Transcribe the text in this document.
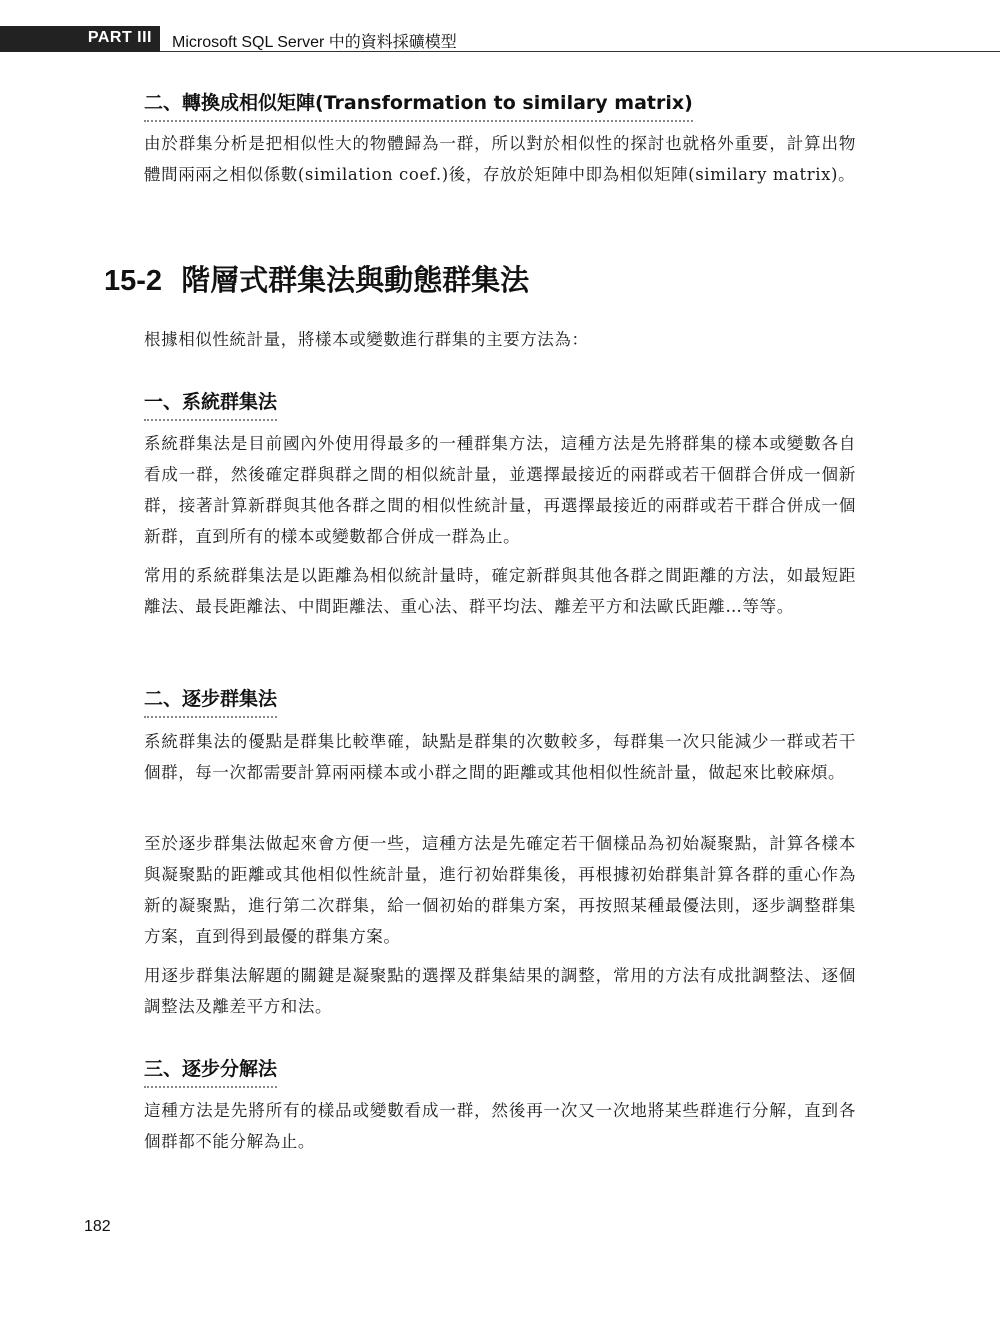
PART III Microsoft SQL Server 中的資料採礦模型
二、轉換成相似矩陣(Transformation to similary matrix)

由於群集分析是把相似性大的物體歸為一群，所以對於相似性的探討也就格外重要，計算出物體間兩兩之相似係數(similation coef.)後，存放於矩陣中即為相似矩陣(similary matrix)。

15-2 階層式群集法與動態群集法

根據相似性統計量，將樣本或變數進行群集的主要方法為：

一、系統群集法

系統群集法是目前國內外使用得最多的一種群集方法，這種方法是先將群集的樣本或變數各自看成一群，然後確定群與群之間的相似統計量，並選擇最接近的兩群或若干個群合併成一個新群，接著計算新群與其他各群之間的相似性統計量，再選擇最接近的兩群或若干群合併成一個新群，直到所有的樣本或變數都合併成一群為止。

常用的系統群集法是以距離為相似統計量時，確定新群與其他各群之間距離的方法，如最短距離法、最長距離法、中間距離法、重心法、群平均法、離差平方和法歐氏距離…等等。

二、逐步群集法

系統群集法的優點是群集比較準確，缺點是群集的次數較多，每群集一次只能減少一群或若干個群，每一次都需要計算兩兩樣本或小群之間的距離或其他相似性統計量，做起來比較麻煩。

至於逐步群集法做起來會方便一些，這種方法是先確定若干個樣品為初始凝聚點，計算各樣本與凝聚點的距離或其他相似性統計量，進行初始群集後，再根據初始群集計算各群的重心作為新的凝聚點，進行第二次群集，給一個初始的群集方案，再按照某種最優法則，逐步調整群集方案，直到得到最優的群集方案。

用逐步群集法解題的關鍵是凝聚點的選擇及群集結果的調整，常用的方法有成批調整法、逐個調整法及離差平方和法。

三、逐步分解法

這種方法是先將所有的樣品或變數看成一群，然後再一次又一次地將某些群進行分解，直到各個群都不能分解為止。

182
